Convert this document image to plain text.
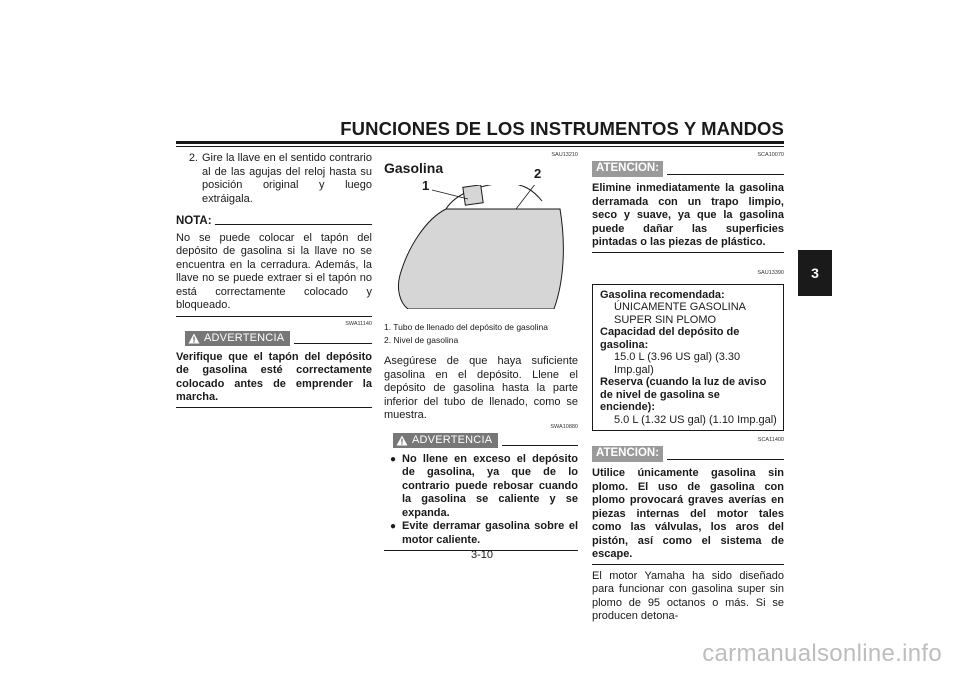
FUNCIONES DE LOS INSTRUMENTOS Y MANDOS
3
2. Gire la llave en el sentido contrario al de las agujas del reloj hasta su posición original y luego extráigala.
NOTA:

No se puede colocar el tapón del depósito de gasolina si la llave no se encuentra en la cerradura. Además, la llave no se puede extraer si el tapón no está correctamente colocado y bloqueado.

SWA11140
ADVERTENCIA

Verifique que el tapón del depósito de gasolina esté correctamente colocado antes de emprender la marcha.

SAU13210
Gasolina
1
2
1. Tubo de llenado del depósito de gasolina
2. Nivel de gasolina

Asegúrese de que haya suficiente gasolina en el depósito. Llene el depósito de gasolina hasta la parte inferior del tubo de llenado, como se muestra.

SWA10880
ADVERTENCIA
● No llene en exceso el depósito de gasolina, ya que de lo contrario puede rebosar cuando la gasolina se caliente y se expanda.
● Evite derramar gasolina sobre el motor caliente.
SCA10070
ATENCION:

Elimine inmediatamente la gasolina derramada con un trapo limpio, seco y suave, ya que la gasolina puede dañar las superficies pintadas o las piezas de plástico.

SAU13390
Gasolina recomendada:
ÚNICAMENTE GASOLINA SUPER SIN PLOMO
Capacidad del depósito de gasolina:
15.0 L (3.96 US gal) (3.30 Imp.gal)
Reserva (cuando la luz de aviso de nivel de gasolina se enciende):
5.0 L (1.32 US gal) (1.10 Imp.gal)
SCA11400
ATENCION:

Utilice únicamente gasolina sin plomo. El uso de gasolina con plomo provocará graves averías en piezas internas del motor tales como las válvulas, los aros del pistón, así como el sistema de escape.

El motor Yamaha ha sido diseñado para funcionar con gasolina super sin plomo de 95 octanos o más. Si se producen detona-

3-10
carmanualsonline.info
